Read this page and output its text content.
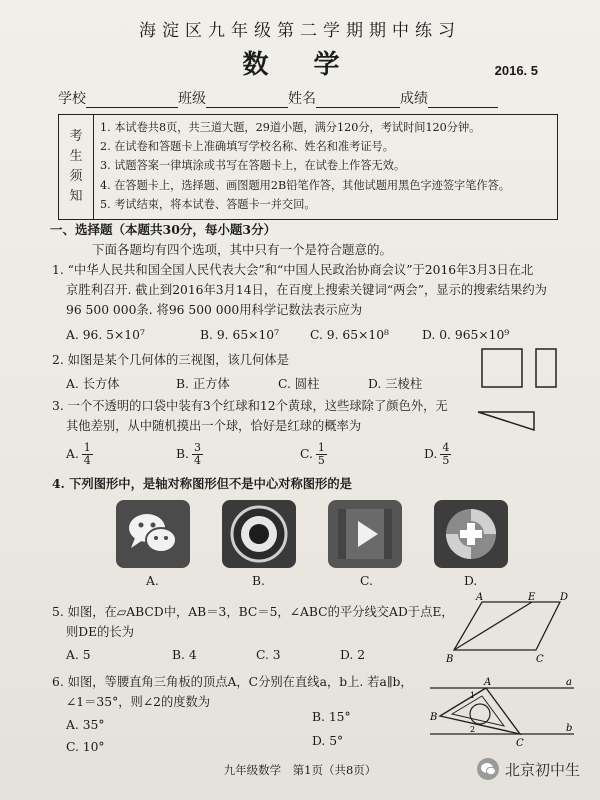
海淀区九年级第二学期期中练习
数 学	2016. 5
学校	班级	姓名	成绩
考
生
须
知
1. 本试卷共8页，共三道大题，29道小题，满分120分，考试时间120分钟。
2. 在试卷和答题卡上准确填写学校名称、姓名和准考证号。
3. 试题答案一律填涂或书写在答题卡上，在试卷上作答无效。
4. 在答题卡上，选择题、画图题用2B铅笔作答，其他试题用黑色字迹签字笔作答。
5. 考试结束，将本试卷、答题卡一并交回。
一、选择题（本题共30分，每小题3分）
下面各题均有四个选项，其中只有一个是符合题意的。
1. “中华人民共和国全国人民代表大会”和“中国人民政治协商会议”于2016年3月3日在北
京胜利召开. 截止到2016年3月14日，在百度上搜索关键词“两会”，显示的搜索结果约为
96 500 000条. 将96 500 000用科学记数法表示应为
A. 96. 5×10⁷	B. 9. 65×10⁷	C. 9. 65×10⁸	D. 0. 965×10⁹
2. 如图是某个几何体的三视图，该几何体是
A. 长方体	B. 正方体	C. 圆柱	D. 三棱柱
3. 一个不透明的口袋中装有3个红球和12个黄球，这些球除了颜色外，无
其他差别，从中随机摸出一个球，恰好是红球的概率为
A. $\frac{1}{4}$	B. $\frac{3}{4}$	C. $\frac{1}{5}$	D. $\frac{4}{5}$
4. 下列图形中，是轴对称图形但不是中心对称图形的是
A.	B.	C.	D.
5. 如图，在▱ABCD中，AB＝3，BC＝5，∠ABC的平分线交AD于点E，
则DE的长为
A. 5	B. 4	C. 3	D. 2
A	E D
B	C
6. 如图，等腰直角三角板的顶点A，C分别在直线a，b上. 若a∥b，
∠1＝35°，则∠2的度数为
A. 35°
B. 15°
C. 10°	D. 5°
A	a
1
B
2
C
b
九年级数学　第1页（共8页）	北京初中生
